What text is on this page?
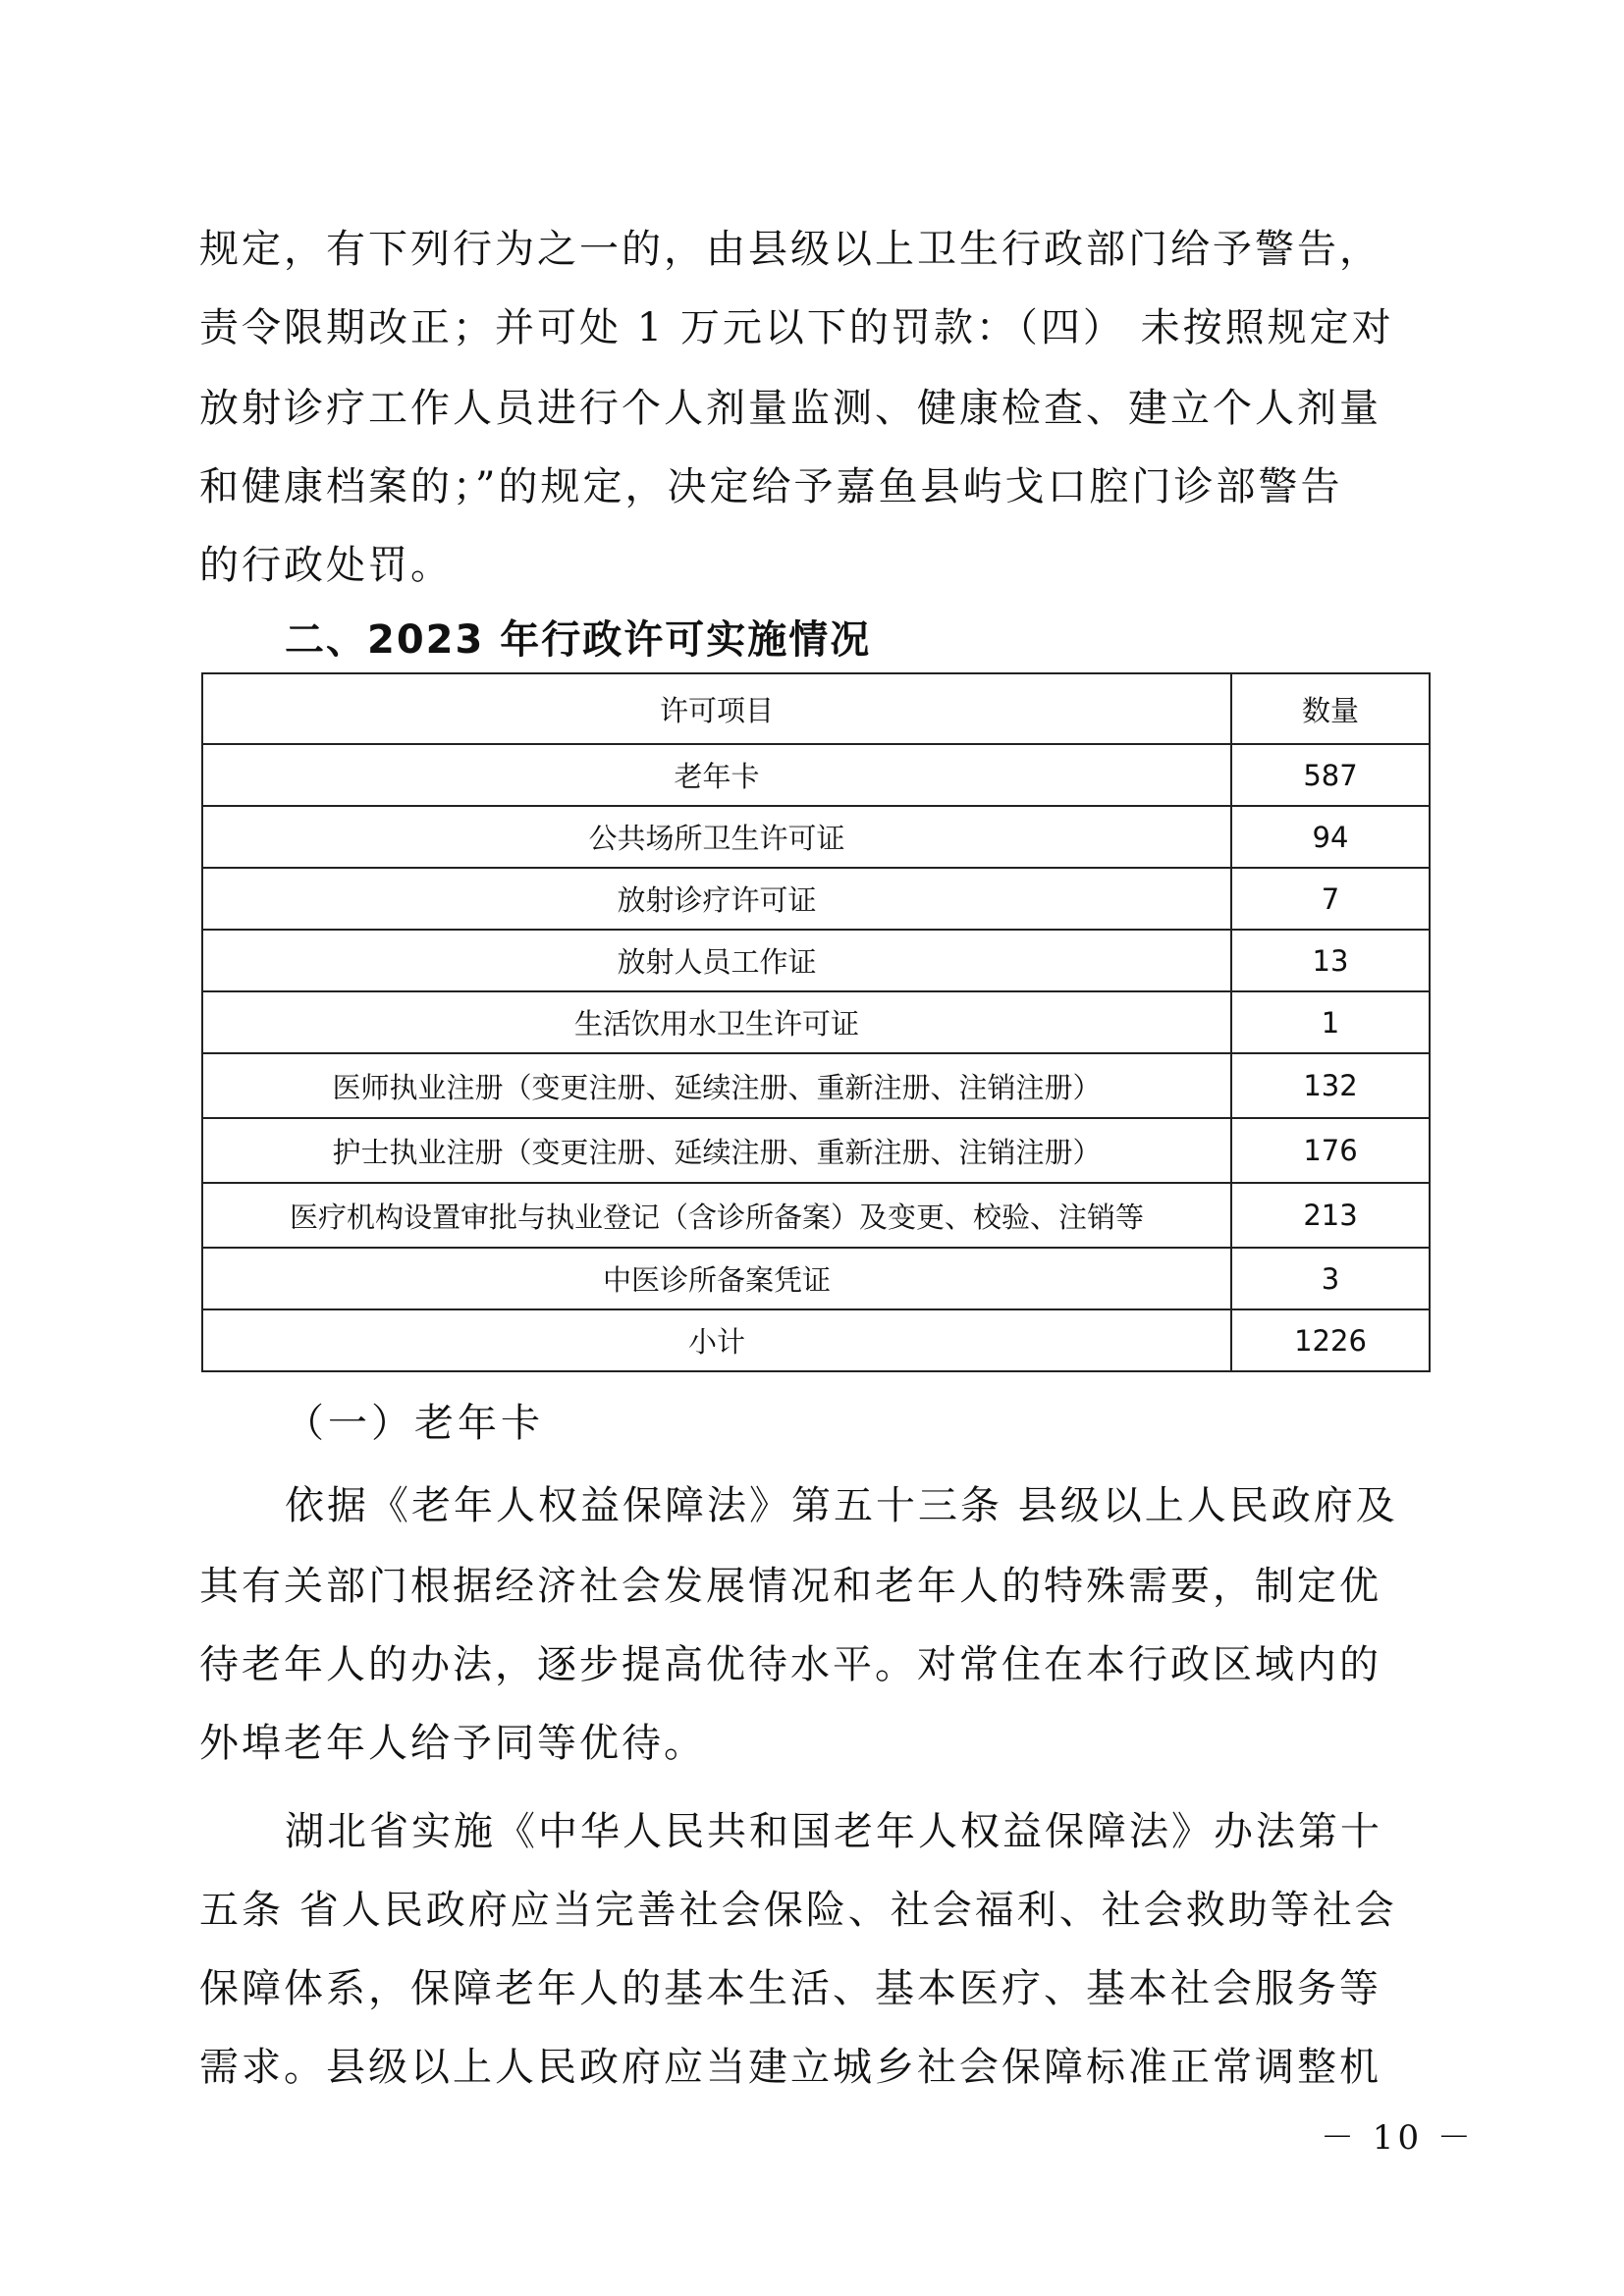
规定，有下列行为之一的，由县级以上卫生行政部门给予警告，

责令限期改正；并可处 1 万元以下的罚款：（四） 未按照规定对

放射诊疗工作人员进行个人剂量监测、健康检查、建立个人剂量

和健康档案的；”的规定，决定给予嘉鱼县屿戈口腔门诊部警告

的行政处罚。

二、2023 年行政许可实施情况
许可项目	数量
老年卡	587
公共场所卫生许可证	94
放射诊疗许可证	7
放射人员工作证	13
生活饮用水卫生许可证	1
医师执业注册（变更注册、延续注册、重新注册、注销注册）	132
护士执业注册（变更注册、延续注册、重新注册、注销注册）	176
医疗机构设置审批与执业登记（含诊所备案）及变更、校验、注销等	213
中医诊所备案凭证	3
小计	1226
（一）老年卡

依据《老年人权益保障法》第五十三条 县级以上人民政府及

其有关部门根据经济社会发展情况和老年人的特殊需要，制定优

待老年人的办法，逐步提高优待水平。对常住在本行政区域内的

外埠老年人给予同等优待。

湖北省实施《中华人民共和国老年人权益保障法》办法第十

五条 省人民政府应当完善社会保险、社会福利、社会救助等社会

保障体系，保障老年人的基本生活、基本医疗、基本社会服务等

需求。县级以上人民政府应当建立城乡社会保障标准正常调整机

－ 10 －
